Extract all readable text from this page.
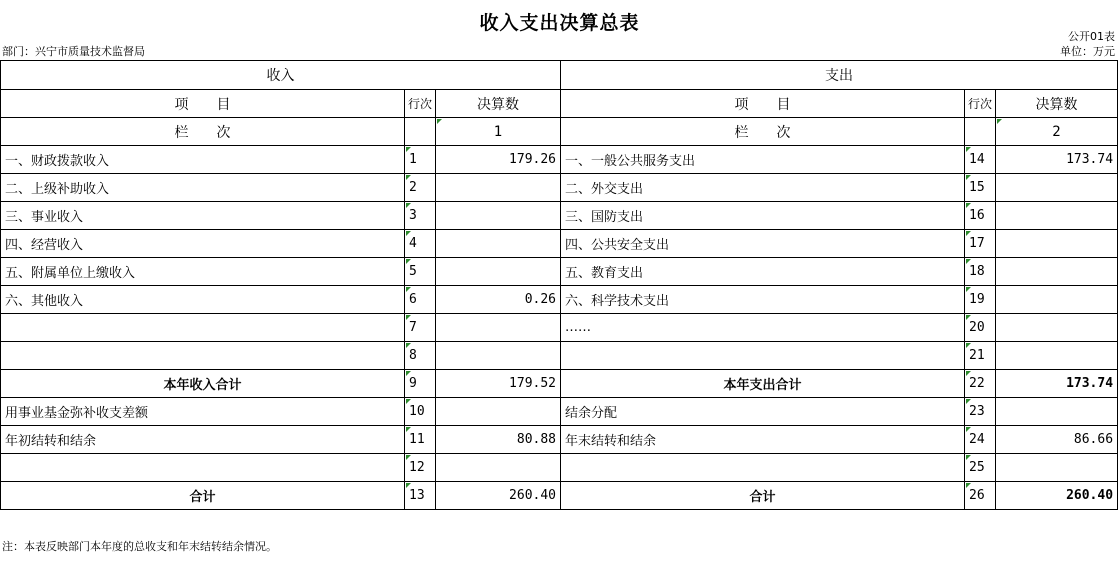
收入支出决算总表
公开01表
部门：兴宁市质量技术监督局	单位：万元
收入			支出		
项　　目	行次	决算数	项　　目	行次	决算数
栏　　次		1	栏　　次		2
一、财政拨款收入	1	179.26	一、一般公共服务支出	14	173.74
二、上级补助收入	2		二、外交支出	15	
三、事业收入	3		三、国防支出	16	
四、经营收入	4		四、公共安全支出	17	
五、附属单位上缴收入	5		五、教育支出	18	
六、其他收入	6	0.26	六、科学技术支出	19	
	7		……	20	
	8			21	
本年收入合计	9	179.52	本年支出合计	22	173.74
用事业基金弥补收支差额	10		结余分配	23	
年初结转和结余	11	80.88	年末结转和结余	24	86.66
	12			25	
合计	13	260.40	合计	26	260.40
注：本表反映部门本年度的总收支和年末结转结余情况。
